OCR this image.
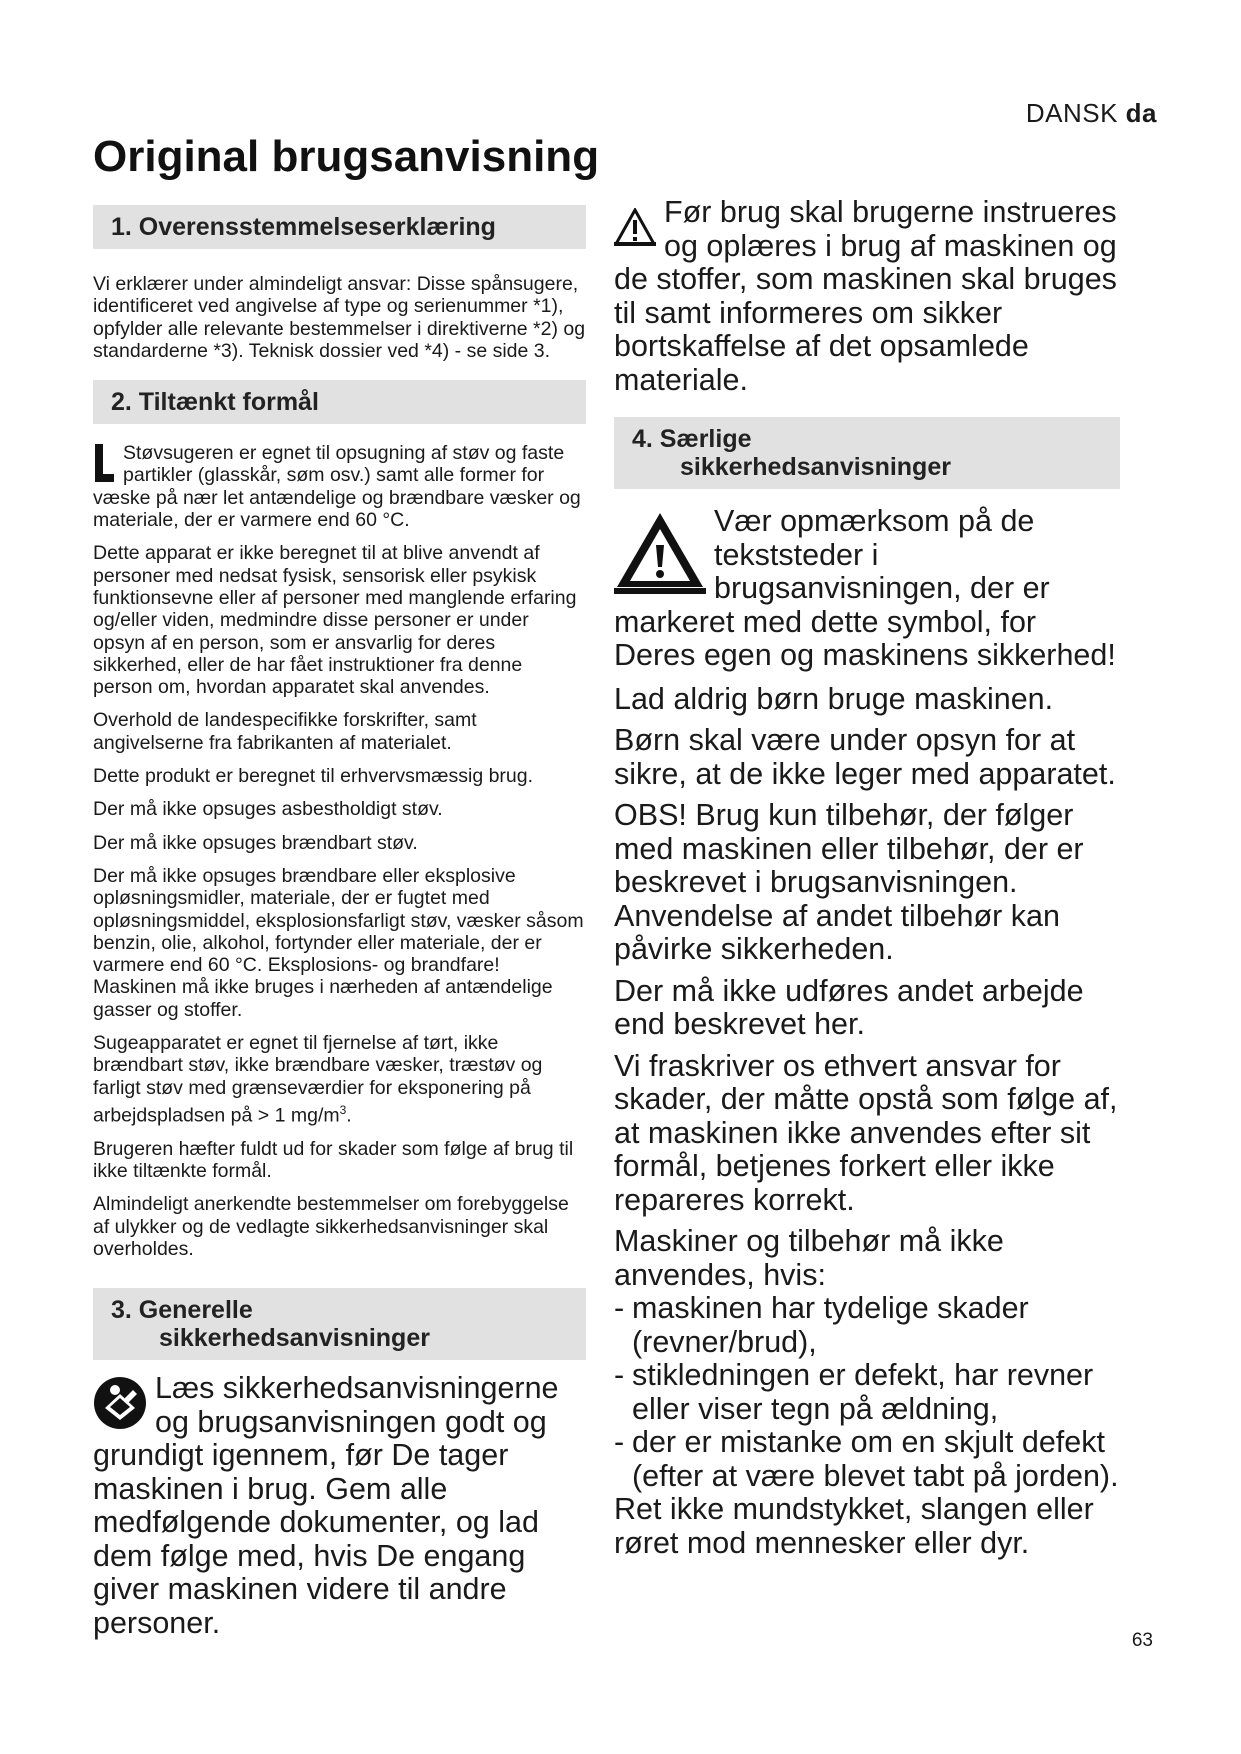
DANSK da
Original brugsanvisning
1. Overensstemmelseserklæring

Vi erklærer under almindeligt ansvar: Disse spånsugere, identificeret ved angivelse af type og serienummer *1), opfylder alle relevante bestemmelser i direktiverne *2) og standarderne *3). Teknisk dossier ved *4) - se side 3.

2. Tiltænkt formål

Støvsugeren er egnet til opsugning af støv og faste partikler (glasskår, søm osv.) samt alle former for væske på nær let antændelige og brændbare væsker og materiale, der er varmere end 60 °C.

Dette apparat er ikke beregnet til at blive anvendt af personer med nedsat fysisk, sensorisk eller psykisk funktionsevne eller af personer med manglende erfaring og/eller viden, medmindre disse personer er under opsyn af en person, som er ansvarlig for deres sikkerhed, eller de har fået instruktioner fra denne person om, hvordan apparatet skal anvendes.

Overhold de landespecifikke forskrifter, samt angivelserne fra fabrikanten af materialet.

Dette produkt er beregnet til erhvervsmæssig brug.

Der må ikke opsuges asbestholdigt støv.

Der må ikke opsuges brændbart støv.

Der må ikke opsuges brændbare eller eksplosive opløsningsmidler, materiale, der er fugtet med opløsningsmiddel, eksplosionsfarligt støv, væsker såsom benzin, olie, alkohol, fortynder eller materiale, der er varmere end 60 °C. Eksplosions- og brandfare! Maskinen må ikke bruges i nærheden af antændelige gasser og stoffer.

Sugeapparatet er egnet til fjernelse af tørt, ikke brændbart støv, ikke brændbare væsker, træstøv og farligt støv med grænseværdier for eksponering på arbejdspladsen på > 1 $mg/m^3$.

Brugeren hæfter fuldt ud for skader som følge af brug til ikke tiltænkte formål.

Almindeligt anerkendte bestemmelser om forebyggelse af ulykker og de vedlagte sikkerhedsanvisninger skal overholdes.

3. Generelle
sikkerhedsanvisninger

Læs sikkerhedsanvisningerne og brugsanvisningen godt og grundigt igennem, før De tager maskinen i brug. Gem alle medfølgende dokumenter, og lad dem følge med, hvis De engang giver maskinen videre til andre personer.

Før brug skal brugerne instrueres og oplæres i brug af maskinen og de stoffer, som maskinen skal bruges til samt informeres om sikker bortskaffelse af det opsamlede materiale.

4. Særlige
sikkerhedsanvisninger

Vær opmærksom på de tekststeder i brugsanvisningen, der er markeret med dette symbol, for Deres egen og maskinens sikkerhed!

Lad aldrig børn bruge maskinen.

Børn skal være under opsyn for at sikre, at de ikke leger med apparatet.

OBS! Brug kun tilbehør, der følger med maskinen eller tilbehør, der er beskrevet i brugsanvisningen. Anvendelse af andet tilbehør kan påvirke sikkerheden.

Der må ikke udføres andet arbejde end beskrevet her.

Vi fraskriver os ethvert ansvar for skader, der måtte opstå som følge af, at maskinen ikke anvendes efter sit formål, betjenes forkert eller ikke repareres korrekt.

Maskiner og tilbehør må ikke anvendes, hvis:

- maskinen har tydelige skader (revner/brud),
- stikledningen er defekt, har revner eller viser tegn på ældning,
- der er mistanke om en skjult defekt (efter at være blevet tabt på jorden).

Ret ikke mundstykket, slangen eller røret mod mennesker eller dyr.

63
